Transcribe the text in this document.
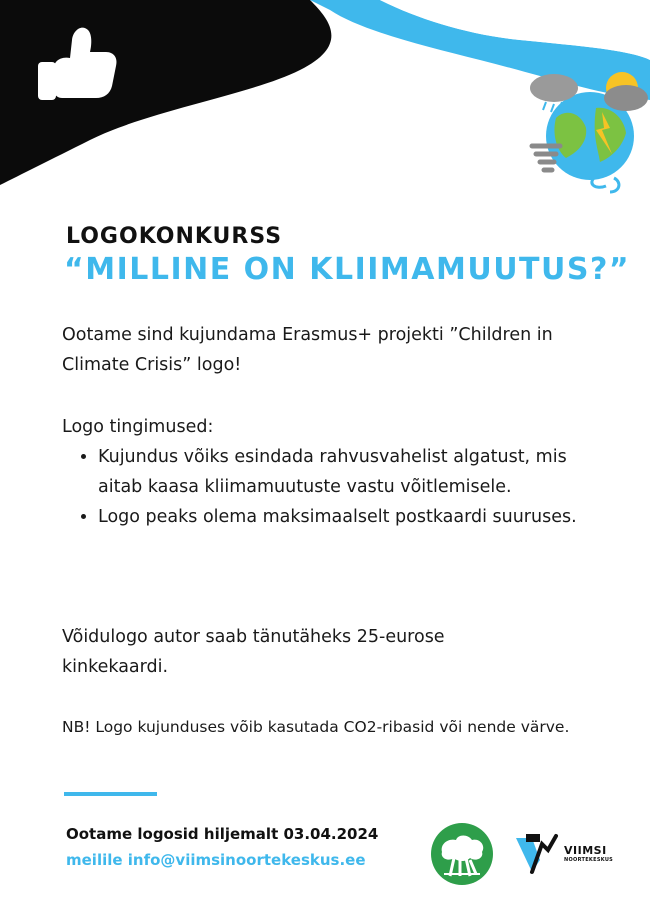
LOGOKONKURSS
“MILLINE ON KLIIMAMUUTUS?”
Ootame sind kujundama Erasmus+ projekti ”Children in Climate Crisis” logo!
Logo tingimused:
• Kujundus võiks esindada rahvusvahelist algatust, mis aitab kaasa kliimamuutuste vastu võitlemisele.
• Logo peaks olema maksimaalselt postkaardi suuruses.
Võidulogo autor saab tänutäheks 25-eurose kinkekaardi.
NB! Logo kujunduses võib kasutada CO2-ribasid või nende värve.
Ootame logosid hiljemalt 03.04.2024
meilile info@viimsinoortekeskus.ee
VIIMSI
NOORTEKESKUS
